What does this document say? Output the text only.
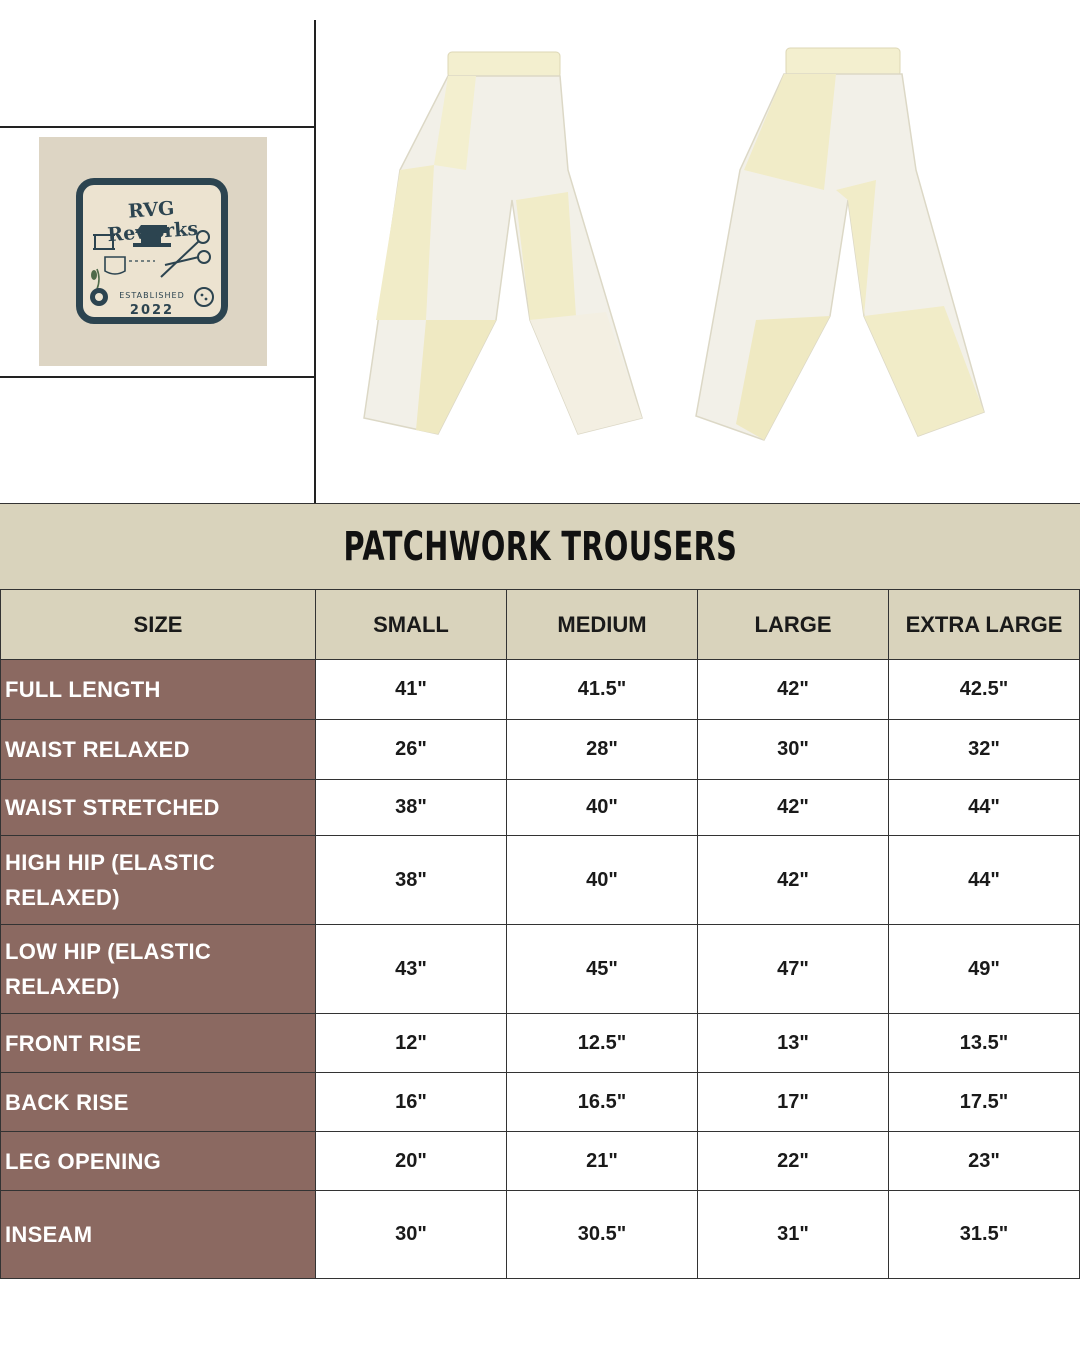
RVG Reworks
ESTABLISHED
2022
PATCHWORK TROUSERS
SIZE	SMALL	MEDIUM	LARGE	EXTRA LARGE
FULL LENGTH	41"	41.5"	42"	42.5"
WAIST RELAXED	26"	28"	30"	32"
WAIST STRETCHED	38"	40"	42"	44"
HIGH HIP (ELASTIC RELAXED)	38"	40"	42"	44"
LOW HIP (ELASTIC RELAXED)	43"	45"	47"	49"
FRONT RISE	12"	12.5"	13"	13.5"
BACK RISE	16"	16.5"	17"	17.5"
LEG OPENING	20"	21"	22"	23"
INSEAM	30"	30.5"	31"	31.5"
